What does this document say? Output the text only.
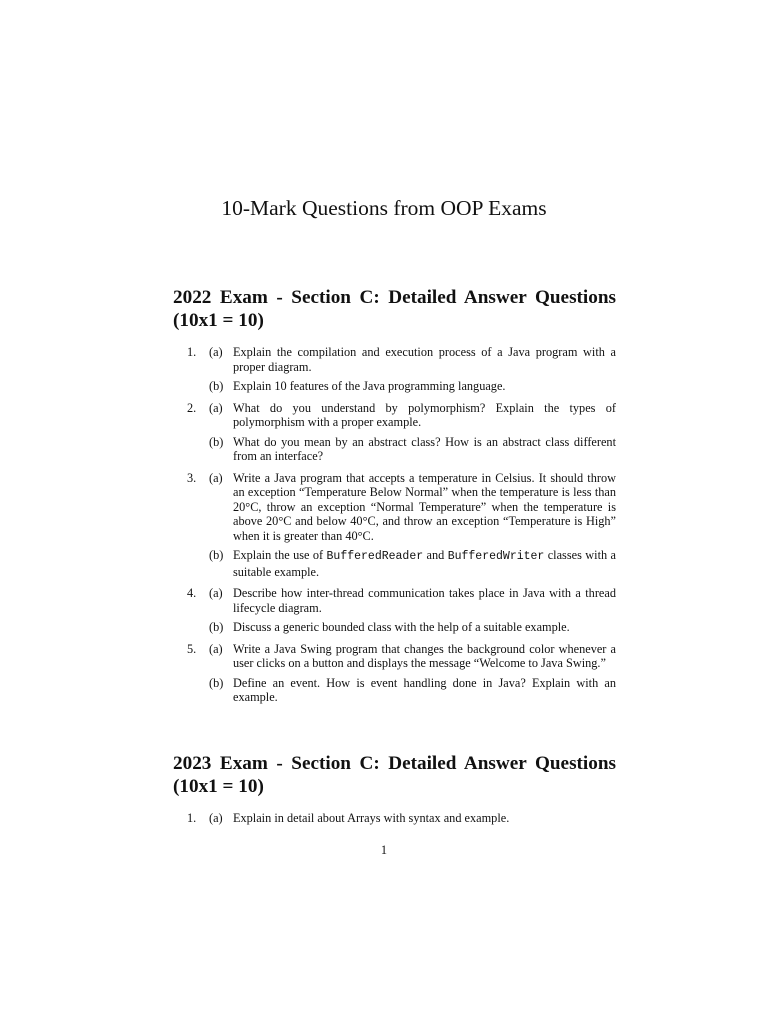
10-Mark Questions from OOP Exams
2022 Exam - Section C: Detailed Answer Questions (10x1 = 10)
1. (a) Explain the compilation and execution process of a Java program with a proper diagram.
(b) Explain 10 features of the Java programming language.
2. (a) What do you understand by polymorphism? Explain the types of polymorphism with a proper example.
(b) What do you mean by an abstract class? How is an abstract class different from an interface?
3. (a) Write a Java program that accepts a temperature in Celsius. It should throw an exception “Temperature Below Normal” when the temperature is less than 20°C, throw an exception “Normal Temperature” when the temperature is above 20°C and below 40°C, and throw an exception “Temperature is High” when it is greater than 40°C.
(b) Explain the use of BufferedReader and BufferedWriter classes with a suitable example.
4. (a) Describe how inter-thread communication takes place in Java with a thread lifecycle diagram.
(b) Discuss a generic bounded class with the help of a suitable example.
5. (a) Write a Java Swing program that changes the background color whenever a user clicks on a button and displays the message “Welcome to Java Swing.”
(b) Define an event. How is event handling done in Java? Explain with an example.
2023 Exam - Section C: Detailed Answer Questions (10x1 = 10)
1. (a) Explain in detail about Arrays with syntax and example.
1
